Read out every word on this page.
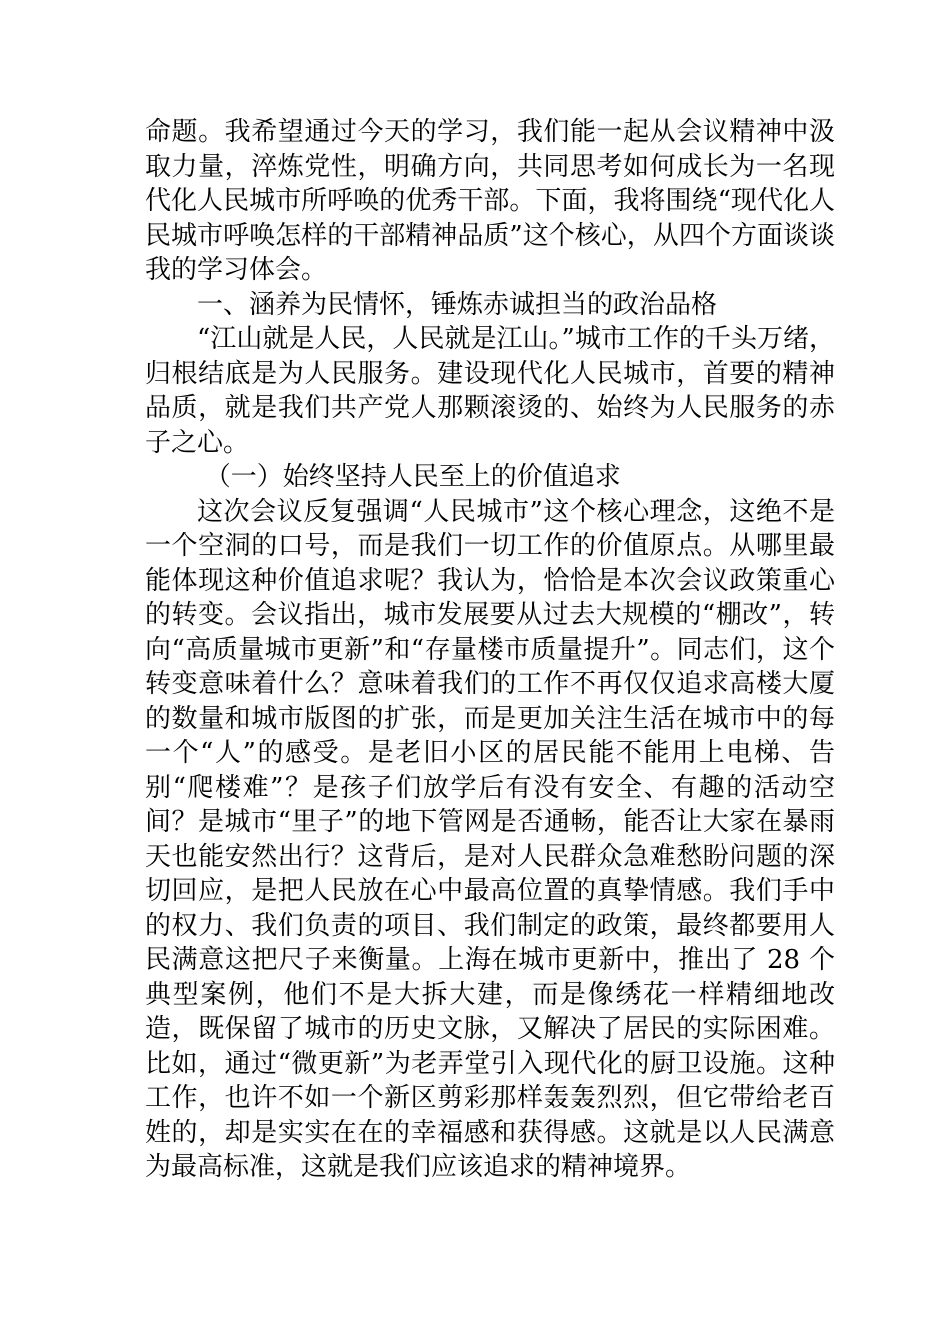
命题。我希望通过今天的学习，我们能一起从会议精神中汲取力量，淬炼党性，明确方向，共同思考如何成长为一名现代化人民城市所呼唤的优秀干部。下面，我将围绕“现代化人民城市呼唤怎样的干部精神品质”这个核心，从四个方面谈谈我的学习体会。

一、涵养为民情怀，锤炼赤诚担当的政治品格

“江山就是人民，人民就是江山。”城市工作的千头万绪，归根结底是为人民服务。建设现代化人民城市，首要的精神品质，就是我们共产党人那颗滚烫的、始终为人民服务的赤子之心。

（一）始终坚持人民至上的价值追求

这次会议反复强调“人民城市”这个核心理念，这绝不是一个空洞的口号，而是我们一切工作的价值原点。从哪里最能体现这种价值追求呢？我认为，恰恰是本次会议政策重心的转变。会议指出，城市发展要从过去大规模的“棚改”，转向“高质量城市更新”和“存量楼市质量提升”。同志们，这个转变意味着什么？意味着我们的工作不再仅仅追求高楼大厦的数量和城市版图的扩张，而是更加关注生活在城市中的每一个“人”的感受。是老旧小区的居民能不能用上电梯、告别“爬楼难”？是孩子们放学后有没有安全、有趣的活动空间？是城市“里子”的地下管网是否通畅，能否让大家在暴雨天也能安然出行？这背后，是对人民群众急难愁盼问题的深切回应，是把人民放在心中最高位置的真挚情感。我们手中的权力、我们负责的项目、我们制定的政策，最终都要用人民满意这把尺子来衡量。上海在城市更新中，推出了 28 个典型案例，他们不是大拆大建，而是像绣花一样精细地改造，既保留了城市的历史文脉，又解决了居民的实际困难。比如，通过“微更新”为老弄堂引入现代化的厨卫设施。这种工作，也许不如一个新区剪彩那样轰轰烈烈，但它带给老百姓的，却是实实在在的幸福感和获得感。这就是以人民满意为最高标准，这就是我们应该追求的精神境界。
